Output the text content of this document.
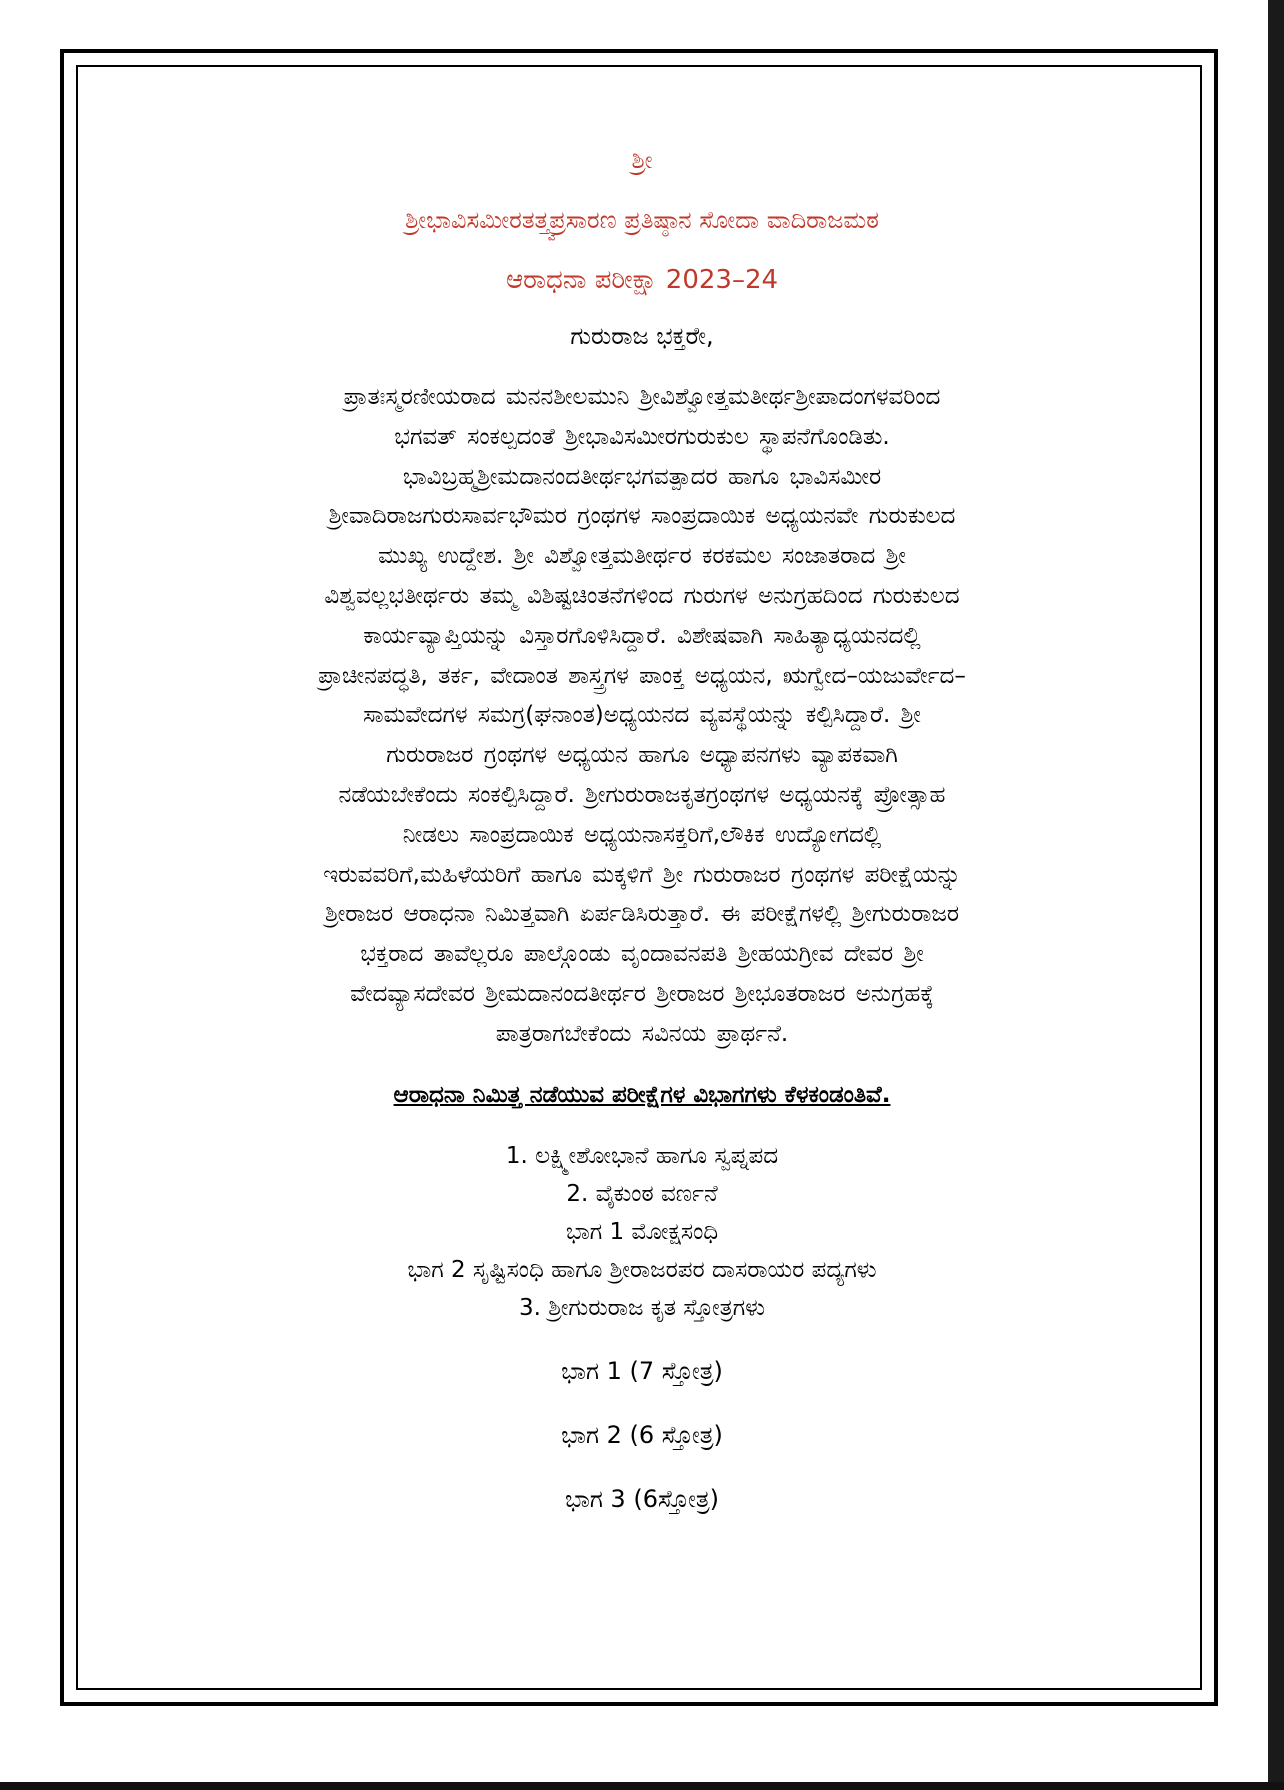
ಶ್ರೀ

ಶ್ರೀಭಾವಿಸಮೀರತತ್ತ್ವಪ್ರಸಾರಣ ಪ್ರತಿಷ್ಠಾನ ಸೋದಾ ವಾದಿರಾಜಮಠ

ಆರಾಧನಾ ಪರೀಕ್ಷಾ 2023–24

ಗುರುರಾಜ ಭಕ್ತರೇ,

ಪ್ರಾತಃಸ್ಮರಣೀಯರಾದ ಮನನಶೀಲಮುನಿ ಶ್ರೀವಿಶ್ವೋತ್ತಮತೀರ್ಥಶ್ರೀಪಾದಂಗಳವರಿಂದ
ಭಗವತ್ ಸಂಕಲ್ಪದಂತೆ ಶ್ರೀಭಾವಿಸಮೀರಗುರುಕುಲ ಸ್ಥಾಪನೆಗೊಂಡಿತು.
ಭಾವಿಬ್ರಹ್ಮಶ್ರೀಮದಾನಂದತೀರ್ಥಭಗವತ್ಪಾದರ ಹಾಗೂ ಭಾವಿಸಮೀರ
ಶ್ರೀವಾದಿರಾಜಗುರುಸಾರ್ವಭೌಮರ ಗ್ರಂಥಗಳ ಸಾಂಪ್ರದಾಯಿಕ ಅಧ್ಯಯನವೇ ಗುರುಕುಲದ
ಮುಖ್ಯ ಉದ್ದೇಶ. ಶ್ರೀ ವಿಶ್ವೋತ್ತಮತೀರ್ಥರ ಕರಕಮಲ ಸಂಜಾತರಾದ ಶ್ರೀ
ವಿಶ್ವವಲ್ಲಭತೀರ್ಥರು ತಮ್ಮ ವಿಶಿಷ್ಟಚಿಂತನೆಗಳಿಂದ ಗುರುಗಳ ಅನುಗ್ರಹದಿಂದ ಗುರುಕುಲದ
ಕಾರ್ಯವ್ಯಾಪ್ತಿಯನ್ನು ವಿಸ್ತಾರಗೊಳಿಸಿದ್ದಾರೆ. ವಿಶೇಷವಾಗಿ ಸಾಹಿತ್ಯಾಧ್ಯಯನದಲ್ಲಿ
ಪ್ರಾಚೀನಪದ್ಧತಿ, ತರ್ಕ, ವೇದಾಂತ ಶಾಸ್ತ್ರಗಳ ಪಾಂಕ್ತ ಅಧ್ಯಯನ, ಋಗ್ವೇದ–ಯಜುರ್ವೇದ–
ಸಾಮವೇದಗಳ ಸಮಗ್ರ(ಘನಾಂತ)ಅಧ್ಯಯನದ ವ್ಯವಸ್ಥೆಯನ್ನು ಕಲ್ಪಿಸಿದ್ದಾರೆ. ಶ್ರೀ
ಗುರುರಾಜರ ಗ್ರಂಥಗಳ ಅಧ್ಯಯನ ಹಾಗೂ ಅಧ್ಯಾಪನಗಳು ವ್ಯಾಪಕವಾಗಿ
ನಡೆಯಬೇಕೆಂದು ಸಂಕಲ್ಪಿಸಿದ್ದಾರೆ. ಶ್ರೀಗುರುರಾಜಕೃತಗ್ರಂಥಗಳ ಅಧ್ಯಯನಕ್ಕೆ ಪ್ರೋತ್ಸಾಹ
ನೀಡಲು ಸಾಂಪ್ರದಾಯಿಕ ಅಧ್ಯಯನಾಸಕ್ತರಿಗೆ,ಲೌಕಿಕ ಉದ್ಯೋಗದಲ್ಲಿ
ಇರುವವರಿಗೆ,ಮಹಿಳೆಯರಿಗೆ ಹಾಗೂ ಮಕ್ಕಳಿಗೆ ಶ್ರೀ ಗುರುರಾಜರ ಗ್ರಂಥಗಳ ಪರೀಕ್ಷೆಯನ್ನು
ಶ್ರೀರಾಜರ ಆರಾಧನಾ ನಿಮಿತ್ತವಾಗಿ ಏರ್ಪಡಿಸಿರುತ್ತಾರೆ. ಈ ಪರೀಕ್ಷೆಗಳಲ್ಲಿ ಶ್ರೀಗುರುರಾಜರ
ಭಕ್ತರಾದ ತಾವೆಲ್ಲರೂ ಪಾಲ್ಗೊಂಡು ವೃಂದಾವನಪತಿ ಶ್ರೀಹಯಗ್ರೀವ ದೇವರ ಶ್ರೀ
ವೇದವ್ಯಾಸದೇವರ ಶ್ರೀಮದಾನಂದತೀರ್ಥರ ಶ್ರೀರಾಜರ ಶ್ರೀಭೂತರಾಜರ ಅನುಗ್ರಹಕ್ಕೆ
ಪಾತ್ರರಾಗಬೇಕೆಂದು ಸವಿನಯ ಪ್ರಾರ್ಥನೆ.

ಆರಾಧನಾ ನಿಮಿತ್ತ ನಡೆಯುವ ಪರೀಕ್ಷೆಗಳ ವಿಭಾಗಗಳು ಕೆಳಕಂಡಂತಿವೆ.

1. ಲಕ್ಷ್ಮೀಶೋಭಾನೆ ಹಾಗೂ ಸ್ವಪ್ನಪದ
2. ವೈಕುಂಠ ವರ್ಣನೆ
ಭಾಗ 1 ಮೋಕ್ಷಸಂಧಿ
ಭಾಗ 2 ಸೃಷ್ಟಿಸಂಧಿ ಹಾಗೂ ಶ್ರೀರಾಜರಪರ ದಾಸರಾಯರ ಪದ್ಯಗಳು
3. ಶ್ರೀಗುರುರಾಜ ಕೃತ ಸ್ತೋತ್ರಗಳು
ಭಾಗ 1 (7 ಸ್ತೋತ್ರ)
ಭಾಗ 2 (6 ಸ್ತೋತ್ರ)
ಭಾಗ 3 (6ಸ್ತೋತ್ರ)
